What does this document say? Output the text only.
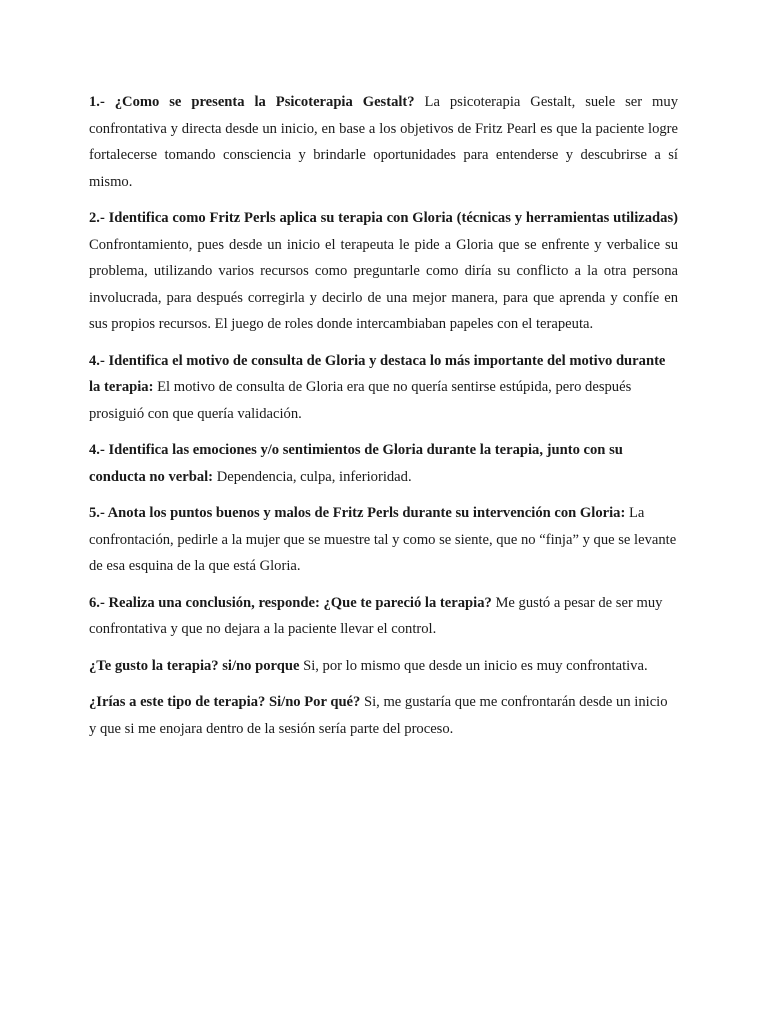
1.- ¿Como se presenta la Psicoterapia Gestalt? La psicoterapia Gestalt, suele ser muy confrontativa y directa desde un inicio, en base a los objetivos de Fritz Pearl es que la paciente logre fortalecerse tomando consciencia y brindarle oportunidades para entenderse y descubrirse a sí mismo.

2.- Identifica como Fritz Perls aplica su terapia con Gloria (técnicas y herramientas utilizadas) Confrontamiento, pues desde un inicio el terapeuta le pide a Gloria que se enfrente y verbalice su problema, utilizando varios recursos como preguntarle como diría su conflicto a la otra persona involucrada, para después corregirla y decirlo de una mejor manera, para que aprenda y confíe en sus propios recursos. El juego de roles donde intercambiaban papeles con el terapeuta.

4.- Identifica el motivo de consulta de Gloria y destaca lo más importante del motivo durante la terapia: El motivo de consulta de Gloria era que no quería sentirse estúpida, pero después prosiguió con que quería validación.

4.- Identifica las emociones y/o sentimientos de Gloria durante la terapia, junto con su conducta no verbal: Dependencia, culpa, inferioridad.

5.- Anota los puntos buenos y malos de Fritz Perls durante su intervención con Gloria: La confrontación, pedirle a la mujer que se muestre tal y como se siente, que no “finja” y que se levante de esa esquina de la que está Gloria.

6.- Realiza una conclusión, responde: ¿Que te pareció la terapia? Me gustó a pesar de ser muy confrontativa y que no dejara a la paciente llevar el control.

¿Te gusto la terapia? si/no porque Si, por lo mismo que desde un inicio es muy confrontativa.

¿Irías a este tipo de terapia? Si/no Por qué? Si, me gustaría que me confrontarán desde un inicio y que si me enojara dentro de la sesión sería parte del proceso.
